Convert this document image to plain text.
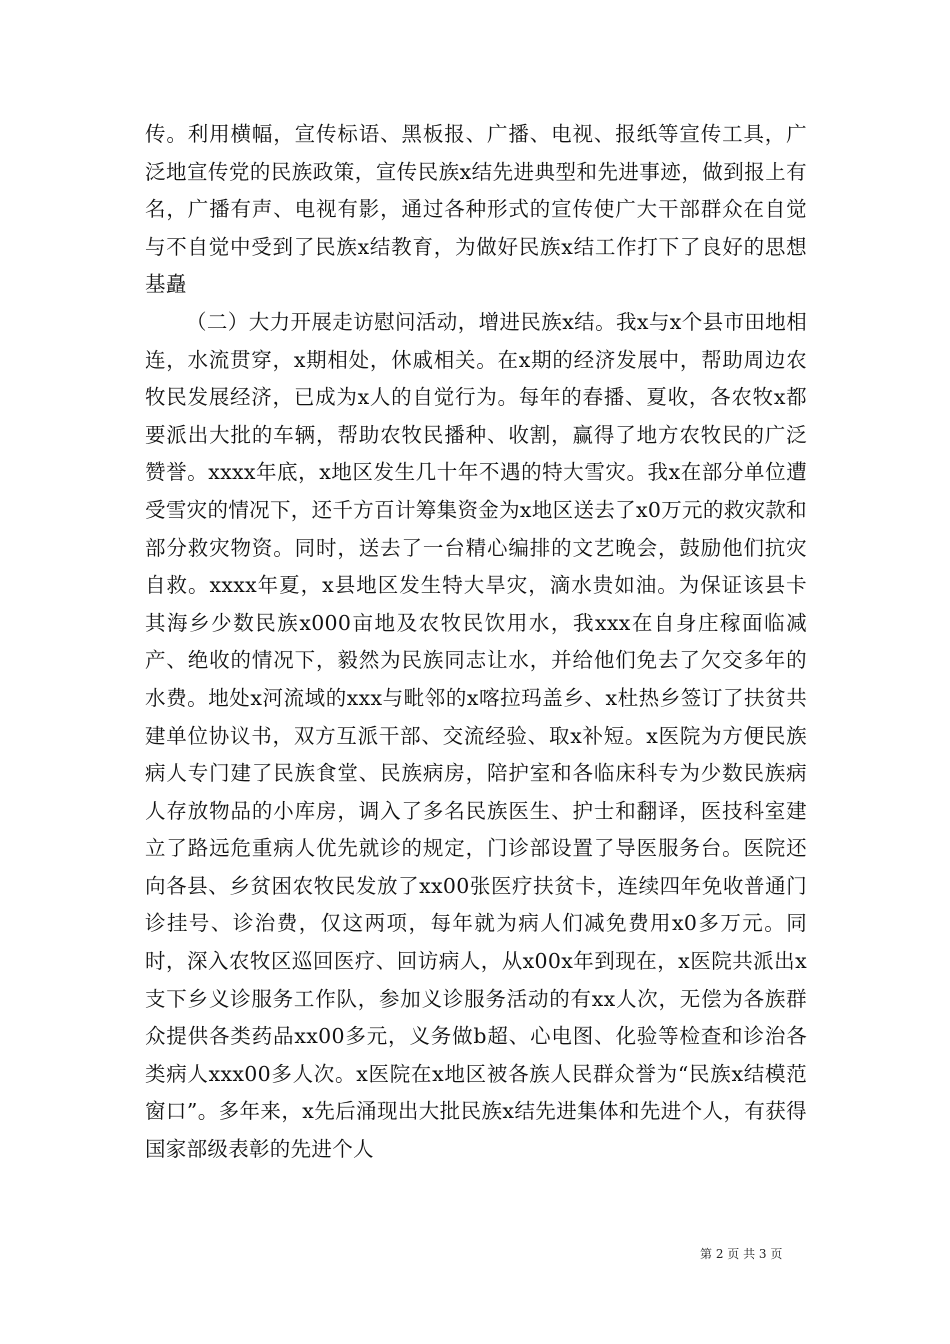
传。利用横幅，宣传标语、黑板报、广播、电视、报纸等宣传工具，广泛地宣传党的民族政策，宣传民族x结先进典型和先进事迹，做到报上有名，广播有声、电视有影，通过各种形式的宣传使广大干部群众在自觉与不自觉中受到了民族x结教育，为做好民族x结工作打下了良好的思想基矗

（二）大力开展走访慰问活动，增进民族x结。我x与x个县市田地相连，水流贯穿，x期相处，休戚相关。在x期的经济发展中，帮助周边农牧民发展经济，已成为x人的自觉行为。每年的春播、夏收，各农牧x都要派出大批的车辆，帮助农牧民播种、收割，赢得了地方农牧民的广泛赞誉。xxxx年底，x地区发生几十年不遇的特大雪灾。我x在部分单位遭受雪灾的情况下，还千方百计筹集资金为x地区送去了x0万元的救灾款和部分救灾物资。同时，送去了一台精心编排的文艺晚会，鼓励他们抗灾自救。xxxx年夏，x县地区发生特大旱灾，滴水贵如油。为保证该县卡其海乡少数民族x000亩地及农牧民饮用水，我xxx在自身庄稼面临减产、绝收的情况下，毅然为民族同志让水，并给他们免去了欠交多年的水费。地处x河流域的xxx与毗邻的x喀拉玛盖乡、x杜热乡签订了扶贫共建单位协议书，双方互派干部、交流经验、取x补短。x医院为方便民族病人专门建了民族食堂、民族病房，陪护室和各临床科专为少数民族病人存放物品的小库房，调入了多名民族医生、护士和翻译，医技科室建立了路远危重病人优先就诊的规定，门诊部设置了导医服务台。医院还向各县、乡贫困农牧民发放了xx00张医疗扶贫卡，连续四年免收普通门诊挂号、诊治费，仅这两项，每年就为病人们减免费用x0多万元。同时，深入农牧区巡回医疗、回访病人，从x00x年到现在，x医院共派出x支下乡义诊服务工作队，参加义诊服务活动的有xx人次，无偿为各族群众提供各类药品xx00多元，义务做b超、心电图、化验等检查和诊治各类病人xxx00多人次。x医院在x地区被各族人民群众誉为“民族x结模范窗口”。多年来，x先后涌现出大批民族x结先进集体和先进个人，有获得国家部级表彰的先进个人

第 2 页 共 3 页
